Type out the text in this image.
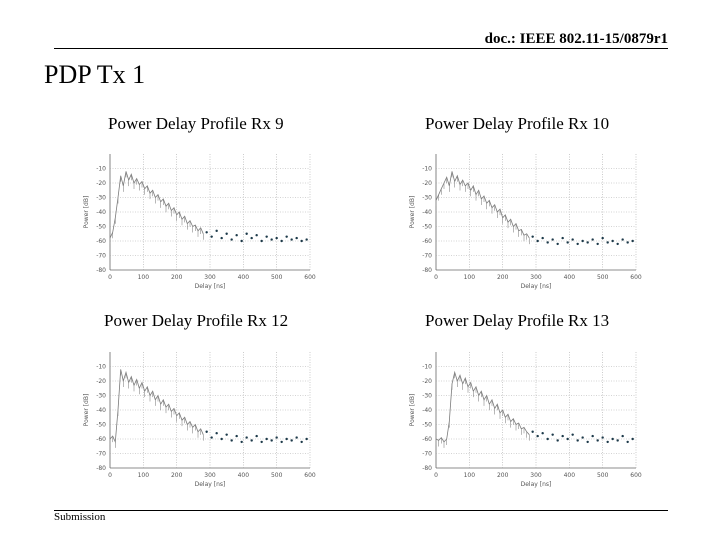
doc.: IEEE 802.11-15/0879r1
PDP Tx 1
Power Delay Profile Rx 9	Power Delay Profile Rx 10
Power Delay Profile Rx 12	Power Delay Profile Rx 13
-10
-20
-30
-40
-50
-60
-70
-80
0	100	200	300	400	500	600
Delay [ns]
Power [dB]
-10
-20
-30
-40
-50
-60
-70
-80
0	100	200	300	400	500	600
Delay [ns]
Power [dB]
-10
-20
-30
-40
-50
-60
-70
-80
0	100	200	300	400	500	600
Delay [ns]
Power [dB]
-10
-20
-30
-40
-50
-60
-70
-80
0	100	200	300	400	500	600
Delay [ns]
Power [dB]
Submission
